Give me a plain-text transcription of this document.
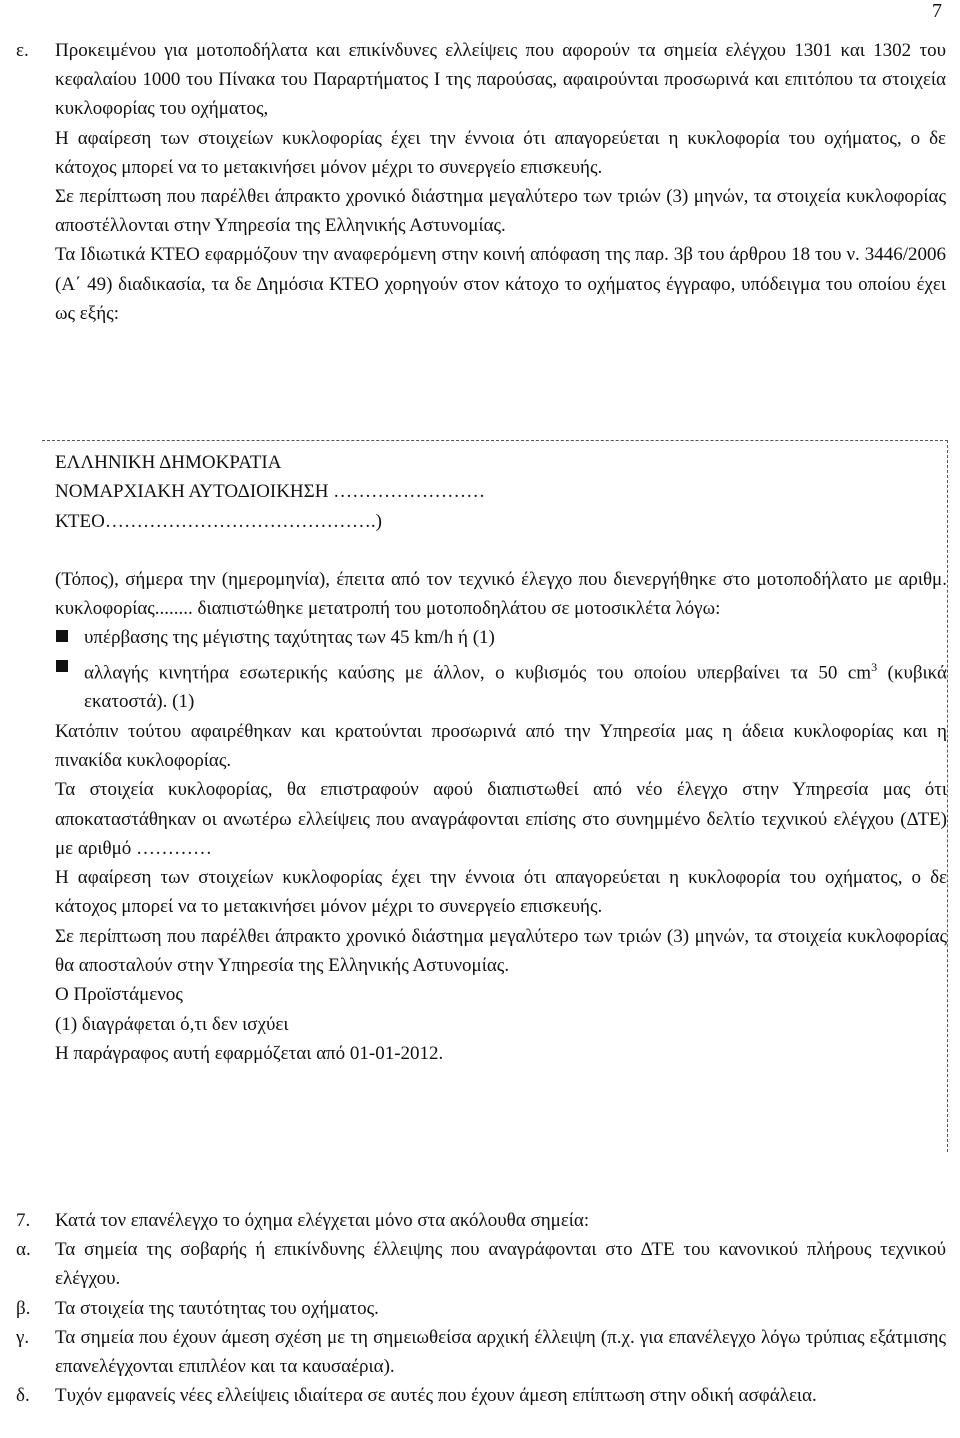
7
ε. Προκειμένου για μοτοποδήλατα και επικίνδυνες ελλείψεις που αφορούν τα σημεία ελέγχου 1301 και 1302 του κεφαλαίου 1000 του Πίνακα του Παραρτήματος Ι της παρούσας, αφαιρούνται προσωρινά και επιτόπου τα στοιχεία κυκλοφορίας του οχήματος,

Η αφαίρεση των στοιχείων κυκλοφορίας έχει την έννοια ότι απαγορεύεται η κυκλοφορία του οχήματος, ο δε κάτοχος μπορεί να το μετακινήσει μόνον μέχρι το συνεργείο επισκευής.

Σε περίπτωση που παρέλθει άπρακτο χρονικό διάστημα μεγαλύτερο των τριών (3) μηνών, τα στοιχεία κυκλοφορίας αποστέλλονται στην Υπηρεσία της Ελληνικής Αστυνομίας.

Τα Ιδιωτικά ΚΤΕΟ εφαρμόζουν την αναφερόμενη στην κοινή απόφαση της παρ. 3β του άρθρου 18 του ν. 3446/2006 (Α΄ 49) διαδικασία, τα δε Δημόσια ΚΤΕΟ χορηγούν στον κάτοχο το οχήματος έγγραφο, υπόδειγμα του οποίου έχει ως εξής:

ΕΛΛΗΝΙΚΗ ΔΗΜΟΚΡΑΤΙΑ

ΝΟΜΑΡΧΙΑΚΗ ΑΥΤΟΔΙΟΙΚΗΣΗ ……………………

ΚΤΕΟ…………………………………….)

(Τόπος), σήμερα την (ημερομηνία), έπειτα από τον τεχνικό έλεγχο που διενεργήθηκε στο μοτοποδήλατο με αριθμ. κυκλοφορίας........ διαπιστώθηκε μετατροπή του μοτοποδηλάτου σε μοτοσικλέτα λόγω:

υπέρβασης της μέγιστης ταχύτητας των 45 km/h ή (1)
αλλαγής κινητήρα εσωτερικής καύσης με άλλον, ο κυβισμός του οποίου υπερβαίνει τα 50 $cm^3$ (κυβικά εκατοστά). (1)

Κατόπιν τούτου αφαιρέθηκαν και κρατούνται προσωρινά από την Υπηρεσία μας η άδεια κυκλοφορίας και η πινακίδα κυκλοφορίας.

Τα στοιχεία κυκλοφορίας, θα επιστραφούν αφού διαπιστωθεί από νέο έλεγχο στην Υπηρεσία μας ότι αποκαταστάθηκαν οι ανωτέρω ελλείψεις που αναγράφονται επίσης στο συνημμένο δελτίο τεχνικού ελέγχου (ΔΤΕ) με αριθμό …………

Η αφαίρεση των στοιχείων κυκλοφορίας έχει την έννοια ότι απαγορεύεται η κυκλοφορία του οχήματος, ο δε κάτοχος μπορεί να το μετακινήσει μόνον μέχρι το συνεργείο επισκευής.

Σε περίπτωση που παρέλθει άπρακτο χρονικό διάστημα μεγαλύτερο των τριών (3) μηνών, τα στοιχεία κυκλοφορίας θα αποσταλούν στην Υπηρεσία της Ελληνικής Αστυνομίας.

Ο Προϊστάμενος

(1) διαγράφεται ό,τι δεν ισχύει

Η παράγραφος αυτή εφαρμόζεται από 01-01-2012.

7. Κατά τον επανέλεγχο το όχημα ελέγχεται μόνο στα ακόλουθα σημεία:
α. Τα σημεία της σοβαρής ή επικίνδυνης έλλειψης που αναγράφονται στο ΔΤΕ του κανονικού πλήρους τεχνικού ελέγχου.
β. Τα στοιχεία της ταυτότητας του οχήματος.
γ. Τα σημεία που έχουν άμεση σχέση με τη σημειωθείσα αρχική έλλειψη (π.χ. για επανέλεγχο λόγω τρύπιας εξάτμισης επανελέγχονται επιπλέον και τα καυσαέρια).
δ. Τυχόν εμφανείς νέες ελλείψεις ιδιαίτερα σε αυτές που έχουν άμεση επίπτωση στην οδική ασφάλεια.
